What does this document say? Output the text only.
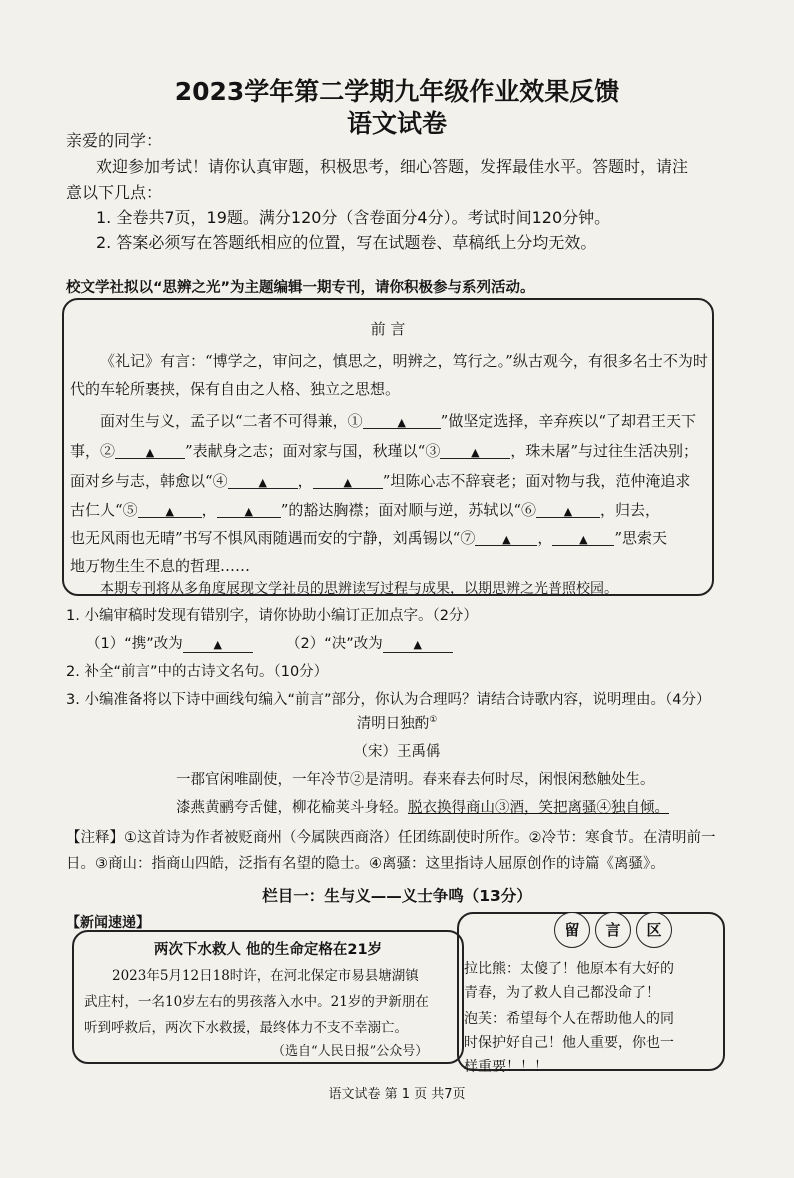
2023学年第二学期九年级作业效果反馈
语文试卷
亲爱的同学：
欢迎参加考试！请你认真审题，积极思考，细心答题，发挥最佳水平。答题时，请注
意以下几点：
1. 全卷共7页，19题。满分120分（含卷面分4分）。考试时间120分钟。
2. 答案必须写在答题纸相应的位置，写在试题卷、草稿纸上分均无效。
校文学社拟以“思辨之光”为主题编辑一期专刊，请你积极参与系列活动。
前 言
《礼记》有言：“博学之，审问之，慎思之，明辨之，笃行之。”纵古观今，有很多名士不为时
代的车轮所裹挟，保有自由之人格、独立之思想。
面对生与义，孟子以“二者不可得兼，①	▲ ”做坚定选择，辛弃疾以“了却君王天下
事，②	▲ ”表献身之志；面对家与国，秋瑾以“③	▲ ，珠未屠”与过往生活决别；
面对乡与志，韩愈以“④	▲ ，	▲ ”坦陈心志不辞衰老；面对物与我，范仲淹追求
古仁人“⑤	▲ ，	▲ ”的豁达胸襟；面对顺与逆，苏轼以“⑥	▲ ，归去，
也无风雨也无晴”书写不惧风雨随遇而安的宁静，刘禹锡以“⑦ ▲ ， ▲ ”思索天
地万物生生不息的哲理……
本期专刊将从多角度展现文学社员的思辨读写过程与成果，以期思辨之光普照校园。
1. 小编审稿时发现有错别字，请你协助小编订正加点字。（2分）
（1）“携”改为	▲	（2）“决”改为	▲
2. 补全“前言”中的古诗文名句。（10分）
3. 小编准备将以下诗中画线句编入“前言”部分，你认为合理吗？请结合诗歌内容，说明理由。（4分）
清明日独酌①
（宋）王禹偁
一郡官闲唯副使，一年冷节②是清明。春来春去何时尽，闲恨闲愁触处生。
漆燕黄鹂夸舌健，柳花榆荚斗身轻。脱衣换得商山③酒，笑把离骚④独自倾。
【注释】①这首诗为作者被贬商州（今属陕西商洛）任团练副使时所作。②冷节：寒食节。在清明前一
日。③商山：指商山四皓，泛指有名望的隐士。④离骚：这里指诗人屈原创作的诗篇《离骚》。
栏目一：生与义——义士争鸣（13分）
【新闻速递】
两次下水救人 他的生命定格在21岁
2023年5月12日18时许，在河北保定市易县塘湖镇
武庄村，一名10岁左右的男孩落入水中。21岁的尹新朋在
听到呼救后，两次下水救援，最终体力不支不幸溺亡。
（选自“人民日报”公众号）
留	言	区
拉比熊：太傻了！他原本有大好的
青春，为了救人自己都没命了！
泡芙：希望每个人在帮助他人的同
时保护好自己！他人重要，你也一
样重要！！！
语文试卷 第 1 页 共7页
